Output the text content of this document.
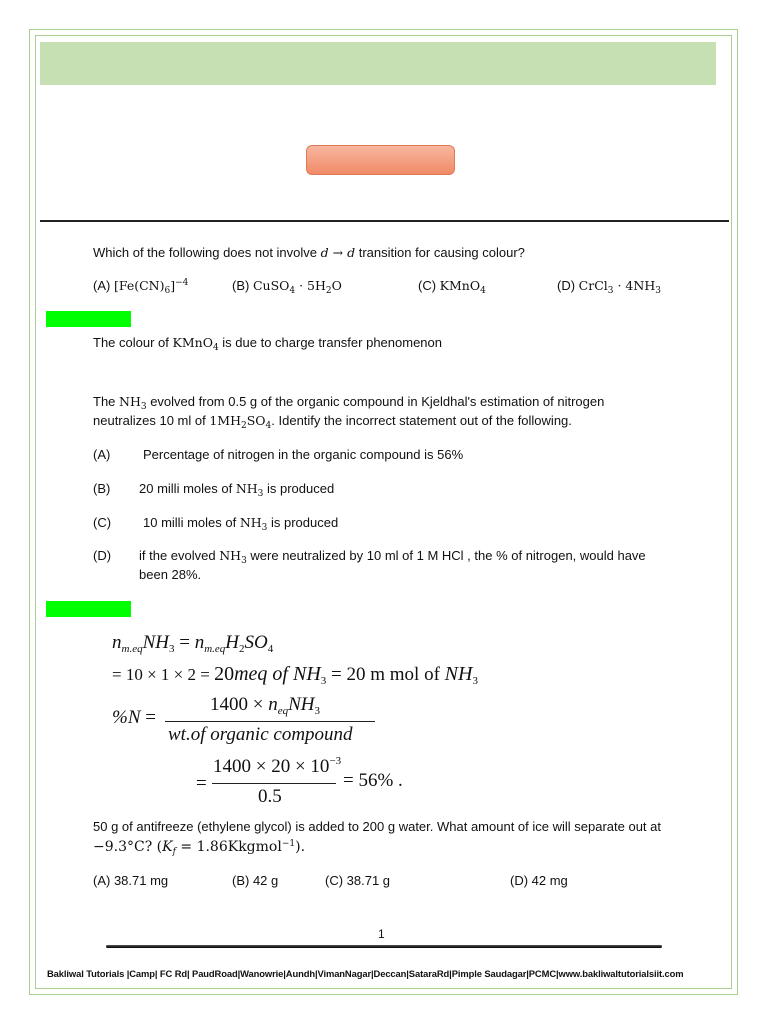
Which of the following does not involve d → d transition for causing colour?
(A) $[Fe(CN)_6]^{-4}$	(B) CuSO$_4$ · $5H_2O$	(C) KMnO$_4$	(D) CrCl$_3$ · $4NH_3$
The colour of KMnO$_4$ is due to charge transfer phenomenon
The $NH_3$ evolved from 0.5 g of the organic compound in Kjeldhal's estimation of nitrogen
neutralizes 10 ml of $1MH_2SO_4$. Identify the incorrect statement out of the following.
(A)	Percentage of nitrogen in the organic compound is 56%
(B) 20 milli moles of $NH_3$ is produced
(C) 10 milli moles of $NH_3$ is produced
(D) if the evolved $NH_3$ were neutralized by 10 ml of 1 M HCl , the % of nitrogen, would have
been 28%.
$n_{m.eq}NH_3 = n_{m.eq}H_2SO_4$
= 10 × 1 × 2 = 20meq of $NH_3 = 20$ m mol of $NH_3$
%N =
$1400 \times n_{eq}NH_3$
wt.of organic compound
=
$1400 \times 20 \times 10^{-3}$
0.5
= 56% .
50 g of antifreeze (ethylene glycol) is added to 200 g water. What amount of ice will separate out at
−9.3°C? ($K_f$ = 1.86Kkgmol$^{-1}$).
(A) 38.71 mg	(B) 42 g	(C) 38.71 g	(D) 42 mg
1
Bakliwal Tutorials |Camp| FC Rd| PaudRoad|Wanowrie|Aundh|VimanNagar|Deccan|SataraRd|Pimple Saudagar|PCMC|www.bakliwaltutorialsiit.com
